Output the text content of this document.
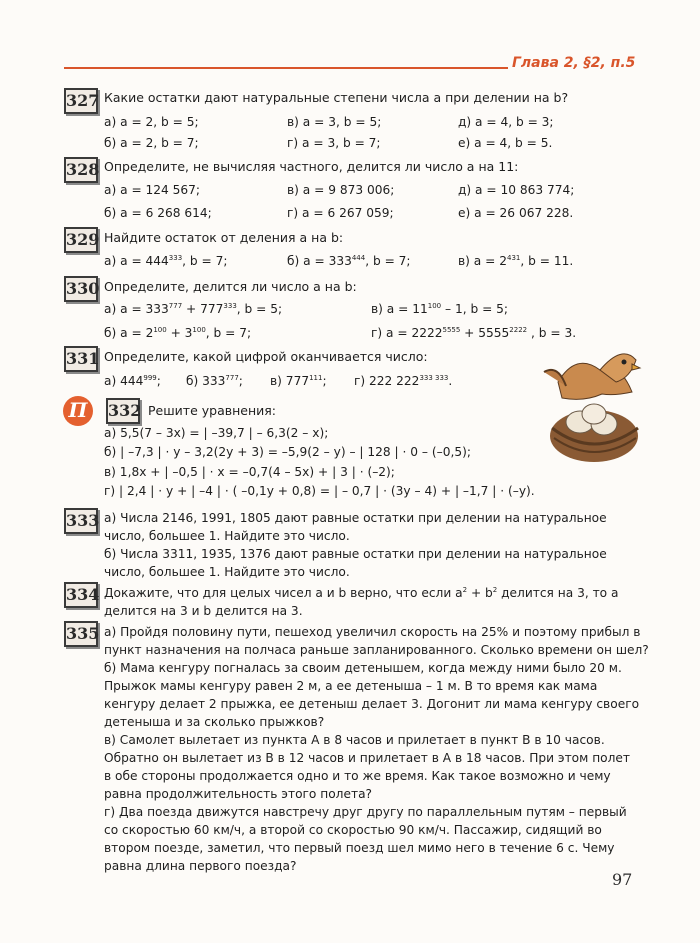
Глава 2, §2, п.5
327 Какие остатки дают натуральные степени числа a при делении на b?
а) a = 2, b = 5;	в) a = 3, b = 5;	д) a = 4, b = 3;
б) a = 2, b = 7;	г) a = 3, b = 7;	е) a = 4, b = 5.
328 Определите, не вычисляя частного, делится ли число a на 11:
а) a = 124 567;	в) a = 9 873 006;	д) a = 10 863 774;
б) a = 6 268 614;	г) a = 6 267 059;	е) a = 26 067 228.
329 Найдите остаток от деления a на b:
а) $a = 444^{333}$, b = 7;	б) $a = 333^{444}$, b = 7;	в) $a = 2^{431}$, b = 11.
330 Определите, делится ли число a на b:
а) $a = 333^{777} + 777^{333}$, b = 5;	в) $a = 11^{100} - 1$, b = 5;
б) $a = 2^{100} + 3^{100}$, b = 7;	г) $a = 2222^{5555} + 5555^{2222}$ , b = 3.
331 Определите, какой цифрой оканчивается число:
а) $444^{999}$; б) $333^{777}$; в) $777^{111}$; г) 222 $222^{333 333}$.
П	332 Решите уравнения:
а) 5,5(7 – 3x) = | –39,7 | – 6,3(2 – x);
б) | –7,3 | · y – 3,2(2y + 3) = –5,9(2 – y) – | 128 | · 0 – (–0,5);
в) 1,8x + | –0,5 | · x = –0,7(4 – 5x) + | 3 | · (–2);
г) | 2,4 | · y + | –4 | · ( –0,1y + 0,8) = | – 0,7 | · (3y – 4) + | –1,7 | · (–y).
333 а) Числа 2146, 1991, 1805 дают равные остатки при делении на натуральное
число, большее 1. Найдите это число.
б) Числа 3311, 1935, 1376 дают равные остатки при делении на натуральное
число, большее 1. Найдите это число.
334 Докажите, что для целых чисел a и b верно, что если $a^2 + b^2$ делится на 3, то a
делится на 3 и b делится на 3.
335 а) Пройдя половину пути, пешеход увеличил скорость на 25% и поэтому прибыл в
пункт назначения на полчаса раньше запланированного. Сколько времени он шел?
б) Мама кенгуру погналась за своим детенышем, когда между ними было 20 м.
Прыжок мамы кенгуру равен 2 м, а ее детеныша – 1 м. В то время как мама
кенгуру делает 2 прыжка, ее детеныш делает 3. Догонит ли мама кенгуру своего
детеныша и за сколько прыжков?
в) Самолет вылетает из пункта A в 8 часов и прилетает в пункт B в 10 часов.
Обратно он вылетает из B в 12 часов и прилетает в A в 18 часов. При этом полет
в обе стороны продолжается одно и то же время. Как такое возможно и чему
равна продолжительность этого полета?
г) Два поезда движутся навстречу друг другу по параллельным путям – первый
со скоростью 60 км/ч, а второй со скоростью 90 км/ч. Пассажир, сидящий во
втором поезде, заметил, что первый поезд шел мимо него в течение 6 с. Чему
равна длина первого поезда?
97
